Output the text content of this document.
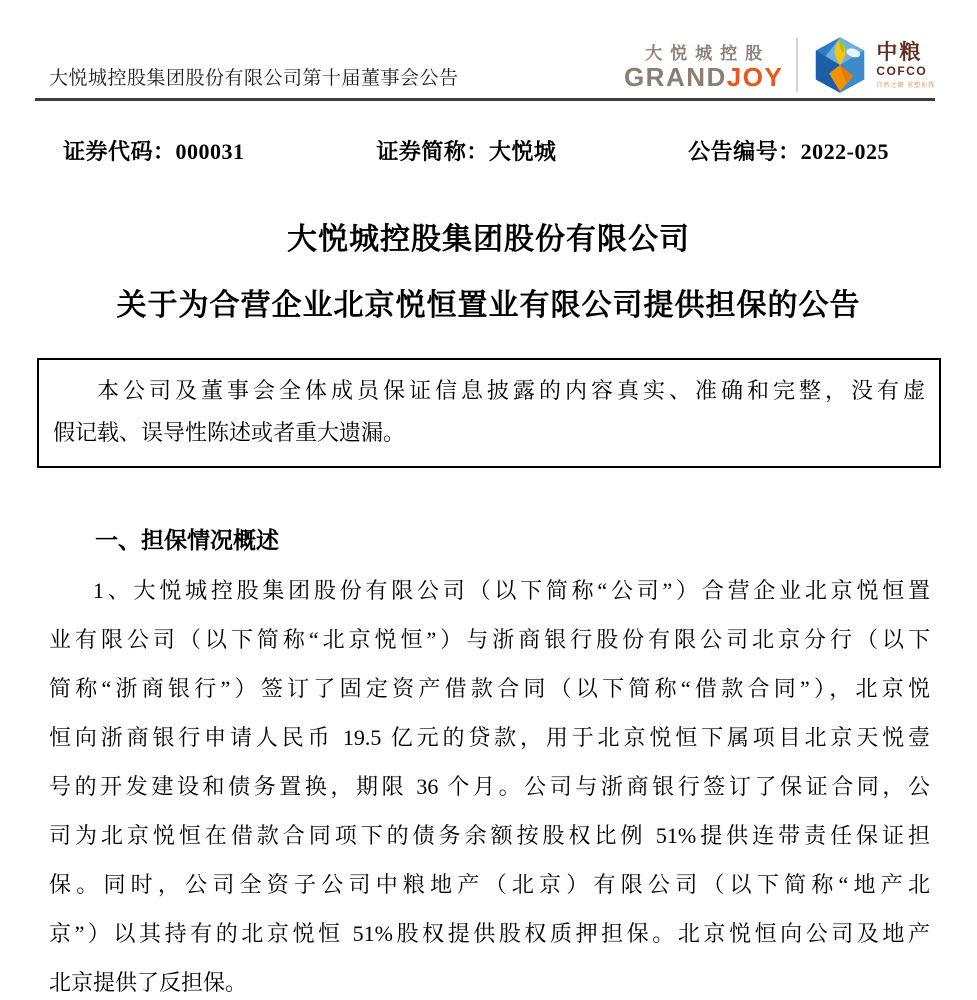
大悦城控股集团股份有限公司第十届董事会公告
大悦城控股
GRANDJOY
中粮
COFCO
自然之源 重塑你我
证券代码：000031	证券简称：大悦城	公告编号：2022-025
大悦城控股集团股份有限公司
关于为合营企业北京悦恒置业有限公司提供担保的公告
本公司及董事会全体成员保证信息披露的内容真实、准确和完整，没有虚
假记载、误导性陈述或者重大遗漏。
一、担保情况概述
1、大悦城控股集团股份有限公司（以下简称“公司”）合营企业北京悦恒置
业有限公司（以下简称“北京悦恒”）与浙商银行股份有限公司北京分行（以下
简称“浙商银行”）签订了固定资产借款合同（以下简称“借款合同”），北京悦
恒向浙商银行申请人民币 19.5 亿元的贷款，用于北京悦恒下属项目北京天悦壹
号的开发建设和债务置换，期限 36 个月。公司与浙商银行签订了保证合同，公
司为北京悦恒在借款合同项下的债务余额按股权比例 51%提供连带责任保证担
保。同时，公司全资子公司中粮地产（北京）有限公司（以下简称“地产北
京”）以其持有的北京悦恒 51%股权提供股权质押担保。北京悦恒向公司及地产
北京提供了反担保。
